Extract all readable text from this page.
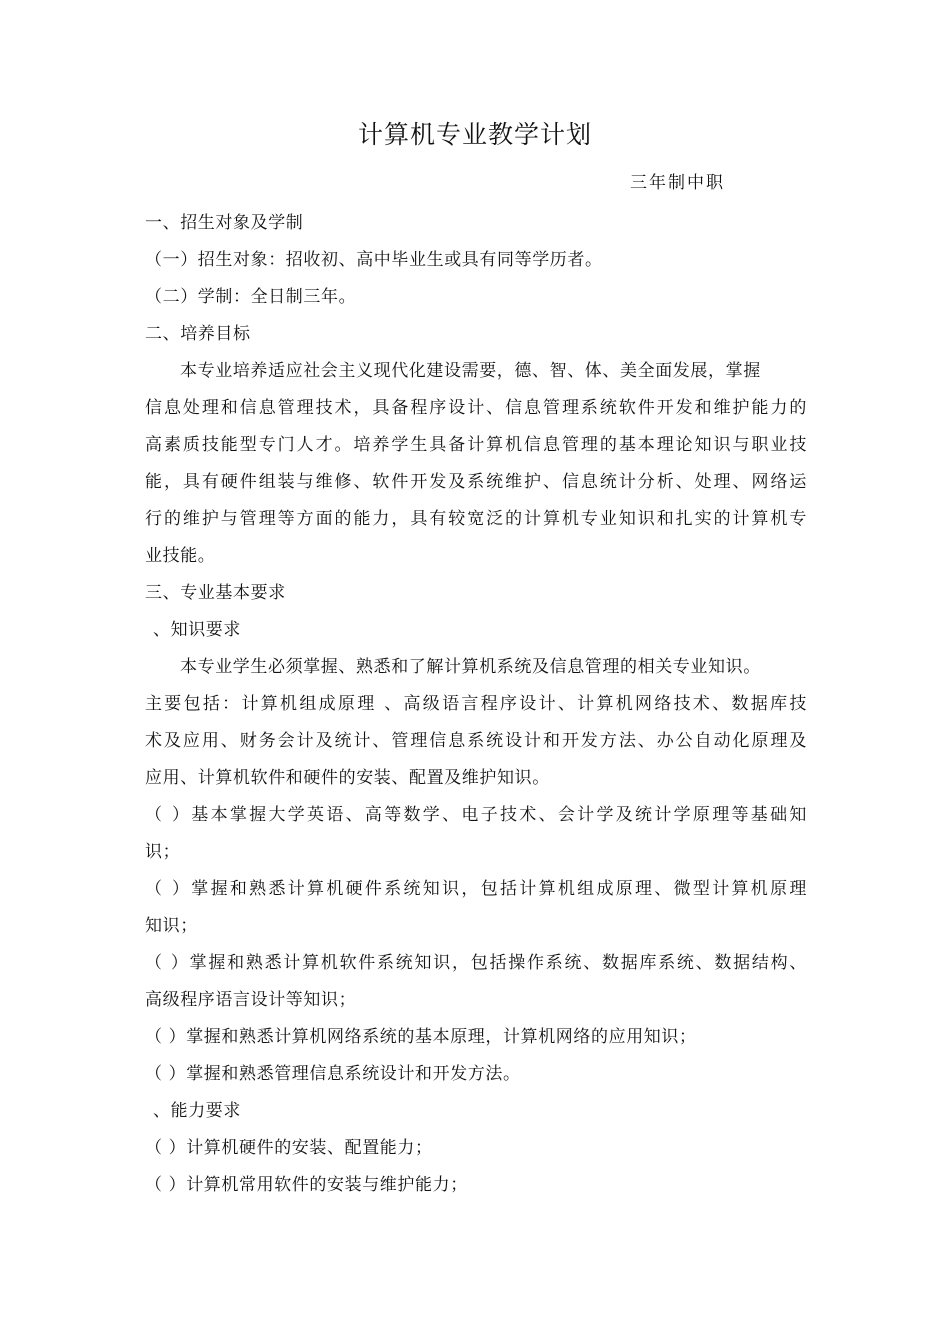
计算机专业教学计划
三年制中职
一、招生对象及学制
（一）招生对象：招收初、高中毕业生或具有同等学历者。
（二）学制：全日制三年。
二、培养目标
本专业培养适应社会主义现代化建设需要，德、智、体、美全面发展，掌握
信息处理和信息管理技术，具备程序设计、信息管理系统软件开发和维护能力的
高素质技能型专门人才。培养学生具备计算机信息管理的基本理论知识与职业技
能，具有硬件组装与维修、软件开发及系统维护、信息统计分析、处理、网络运
行的维护与管理等方面的能力，具有较宽泛的计算机专业知识和扎实的计算机专
业技能。
三、专业基本要求
、知识要求
本专业学生必须掌握、熟悉和了解计算机系统及信息管理的相关专业知识。
主要包括：计算机组成原理 、高级语言程序设计、计算机网络技术、数据库技
术及应用、财务会计及统计、管理信息系统设计和开发方法、办公自动化原理及
应用、计算机软件和硬件的安装、配置及维护知识。
（ ）基本掌握大学英语、高等数学、电子技术、会计学及统计学原理等基础知
识；
（ ）掌握和熟悉计算机硬件系统知识，包括计算机组成原理、微型计算机原理
知识；
（ ）掌握和熟悉计算机软件系统知识，包括操作系统、数据库系统、数据结构、
高级程序语言设计等知识；
（ ）掌握和熟悉计算机网络系统的基本原理，计算机网络的应用知识；
（ ）掌握和熟悉管理信息系统设计和开发方法。
、能力要求
（ ）计算机硬件的安装、配置能力；
（ ）计算机常用软件的安装与维护能力；
